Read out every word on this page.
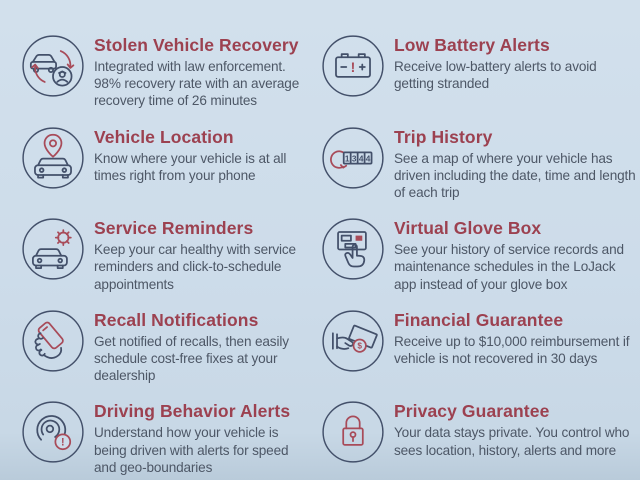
Stolen Vehicle Recovery

Integrated with law enforcement. 98% recovery rate with an average recovery time of 26 minutes

!
Low Battery Alerts

Receive low-battery alerts to avoid getting stranded

Vehicle Location

Know where your vehicle is at all times right from your phone

1 3 4 4
Trip History

See a map of where your vehicle has driven including the date, time and length of each trip

Service Reminders

Keep your car healthy with service reminders and click-to-schedule appointments

Virtual Glove Box

See your history of service records and maintenance schedules in the LoJack app instead of your glove box

Recall Notifications

Get notified of recalls, then easily schedule cost-free fixes at your dealership

$
Financial Guarantee

Receive up to $10,000 reimbursement if vehicle is not recovered in 30 days

!
Driving Behavior Alerts

Understand how your vehicle is being driven with alerts for speed and geo-boundaries

Privacy Guarantee

Your data stays private. You control who sees location, history, alerts and more
